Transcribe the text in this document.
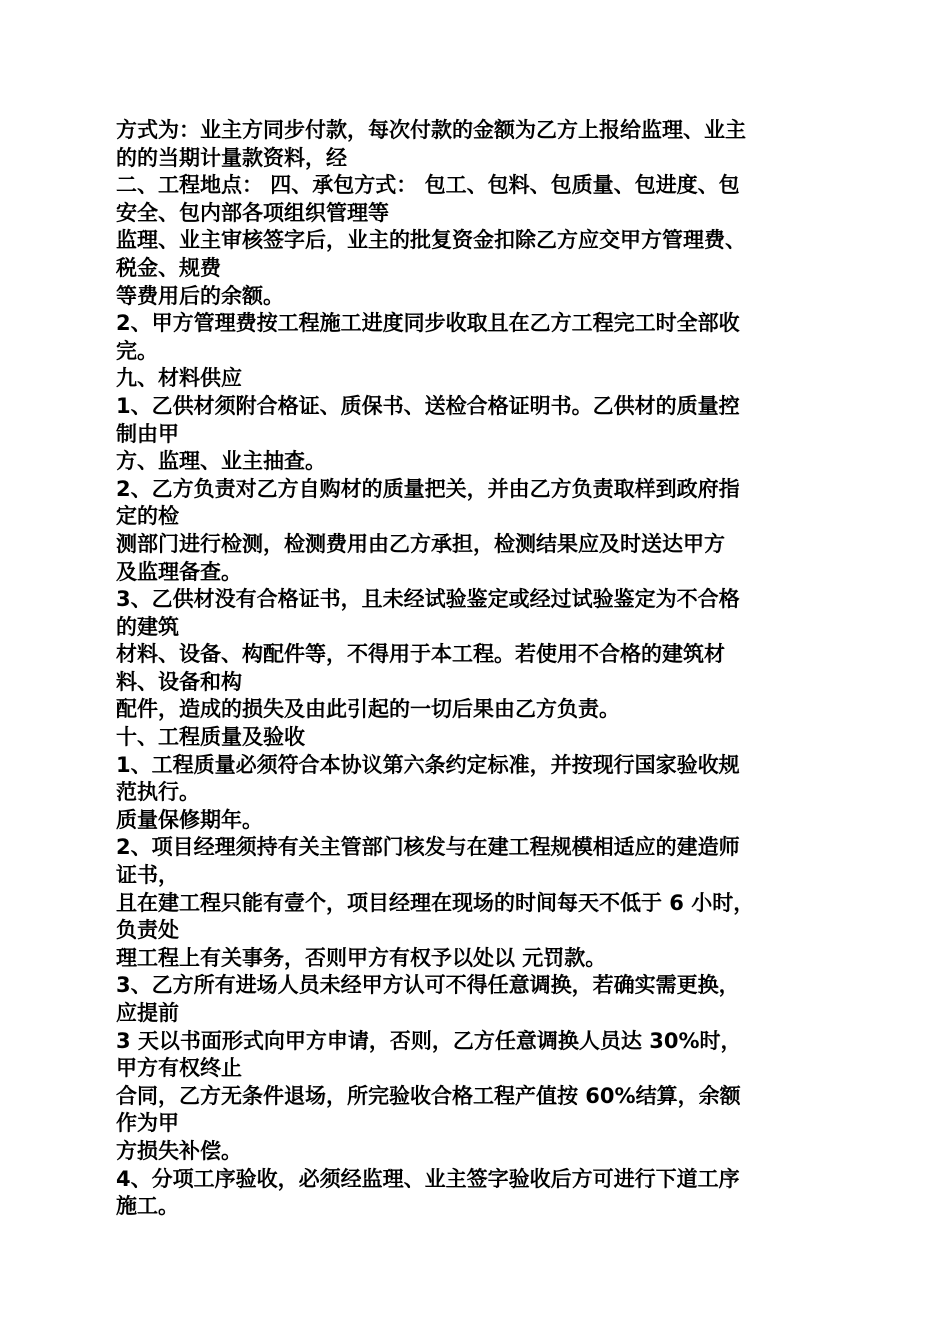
方式为：业主方同步付款，每次付款的金额为乙方上报给监理、业主
的的当期计量款资料，经
二、工程地点： 四、承包方式： 包工、包料、包质量、包进度、包
安全、包内部各项组织管理等
监理、业主审核签字后，业主的批复资金扣除乙方应交甲方管理费、
税金、规费
等费用后的余额。
2、甲方管理费按工程施工进度同步收取且在乙方工程完工时全部收
完。
九、材料供应
1、乙供材须附合格证、质保书、送检合格证明书。乙供材的质量控
制由甲
方、监理、业主抽查。
2、乙方负责对乙方自购材的质量把关，并由乙方负责取样到政府指
定的检
测部门进行检测，检测费用由乙方承担，检测结果应及时送达甲方
及监理备查。
3、乙供材没有合格证书，且未经试验鉴定或经过试验鉴定为不合格
的建筑
材料、设备、构配件等，不得用于本工程。若使用不合格的建筑材
料、设备和构
配件，造成的损失及由此引起的一切后果由乙方负责。
十、工程质量及验收
1、工程质量必须符合本协议第六条约定标准，并按现行国家验收规
范执行。
质量保修期年。
2、项目经理须持有关主管部门核发与在建工程规模相适应的建造师
证书，
且在建工程只能有壹个，项目经理在现场的时间每天不低于 6 小时，
负责处
理工程上有关事务，否则甲方有权予以处以 元罚款。
3、乙方所有进场人员未经甲方认可不得任意调换，若确实需更换，
应提前
3 天以书面形式向甲方申请，否则，乙方任意调换人员达 30%时，
甲方有权终止
合同，乙方无条件退场，所完验收合格工程产值按 60%结算，余额
作为甲
方损失补偿。
4、分项工序验收，必须经监理、业主签字验收后方可进行下道工序
施工。
